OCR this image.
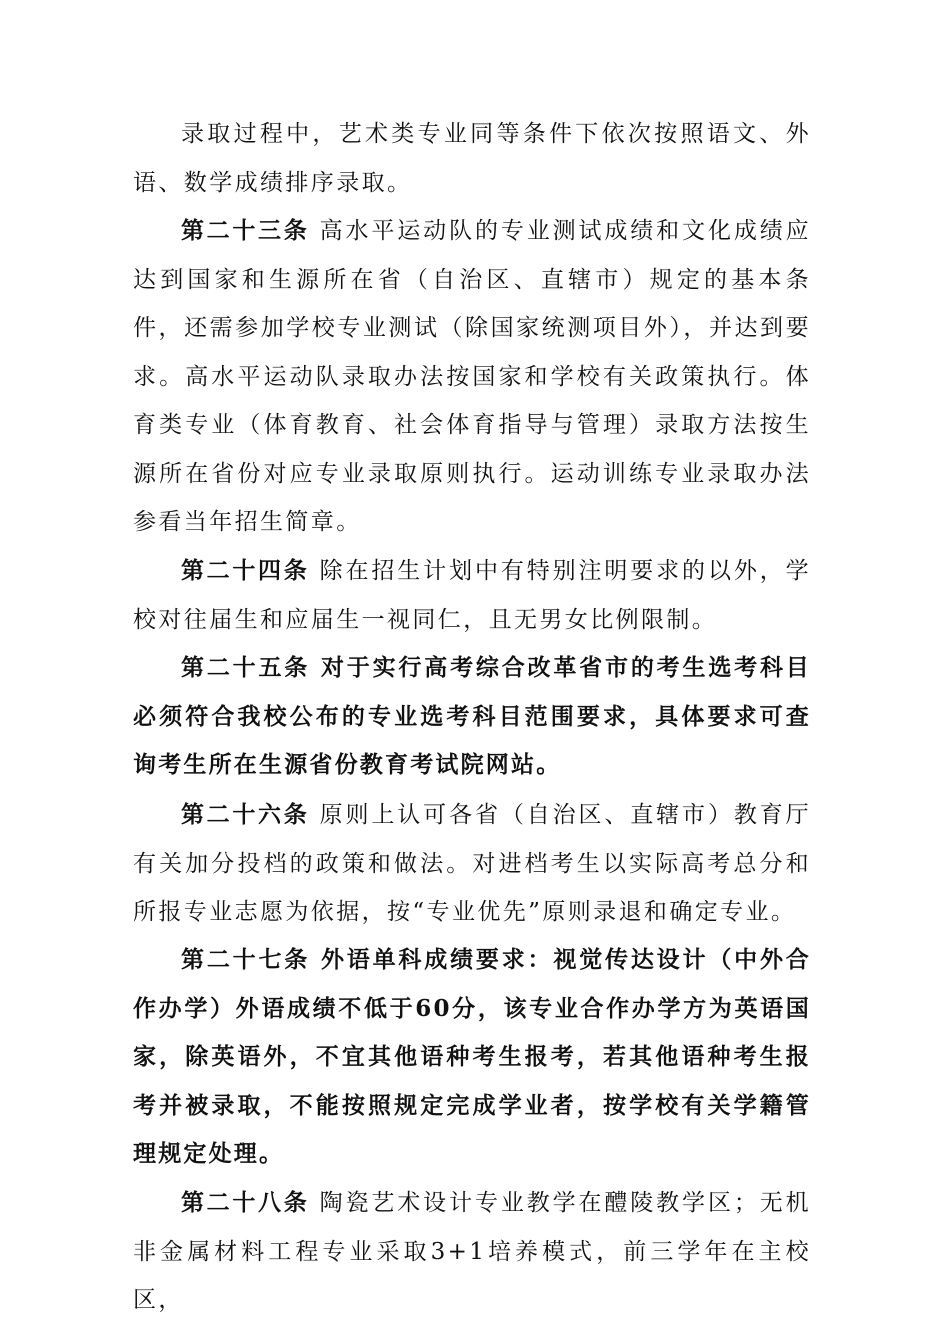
录取过程中，艺术类专业同等条件下依次按照语文、外语、数学成绩排序录取。

第二十三条 高水平运动队的专业测试成绩和文化成绩应达到国家和生源所在省（自治区、直辖市）规定的基本条件，还需参加学校专业测试（除国家统测项目外），并达到要求。高水平运动队录取办法按国家和学校有关政策执行。体育类专业（体育教育、社会体育指导与管理）录取方法按生源所在省份对应专业录取原则执行。运动训练专业录取办法参看当年招生简章。

第二十四条 除在招生计划中有特别注明要求的以外，学校对往届生和应届生一视同仁，且无男女比例限制。

第二十五条 对于实行高考综合改革省市的考生选考科目必须符合我校公布的专业选考科目范围要求，具体要求可查询考生所在生源省份教育考试院网站。

第二十六条 原则上认可各省（自治区、直辖市）教育厅有关加分投档的政策和做法。对进档考生以实际高考总分和所报专业志愿为依据，按“专业优先”原则录退和确定专业。

第二十七条 外语单科成绩要求：视觉传达设计（中外合作办学）外语成绩不低于60分，该专业合作办学方为英语国家，除英语外，不宜其他语种考生报考，若其他语种考生报考并被录取，不能按照规定完成学业者，按学校有关学籍管理规定处理。

第二十八条 陶瓷艺术设计专业教学在醴陵教学区；无机非金属材料工程专业采取3+1培养模式，前三学年在主校区，
